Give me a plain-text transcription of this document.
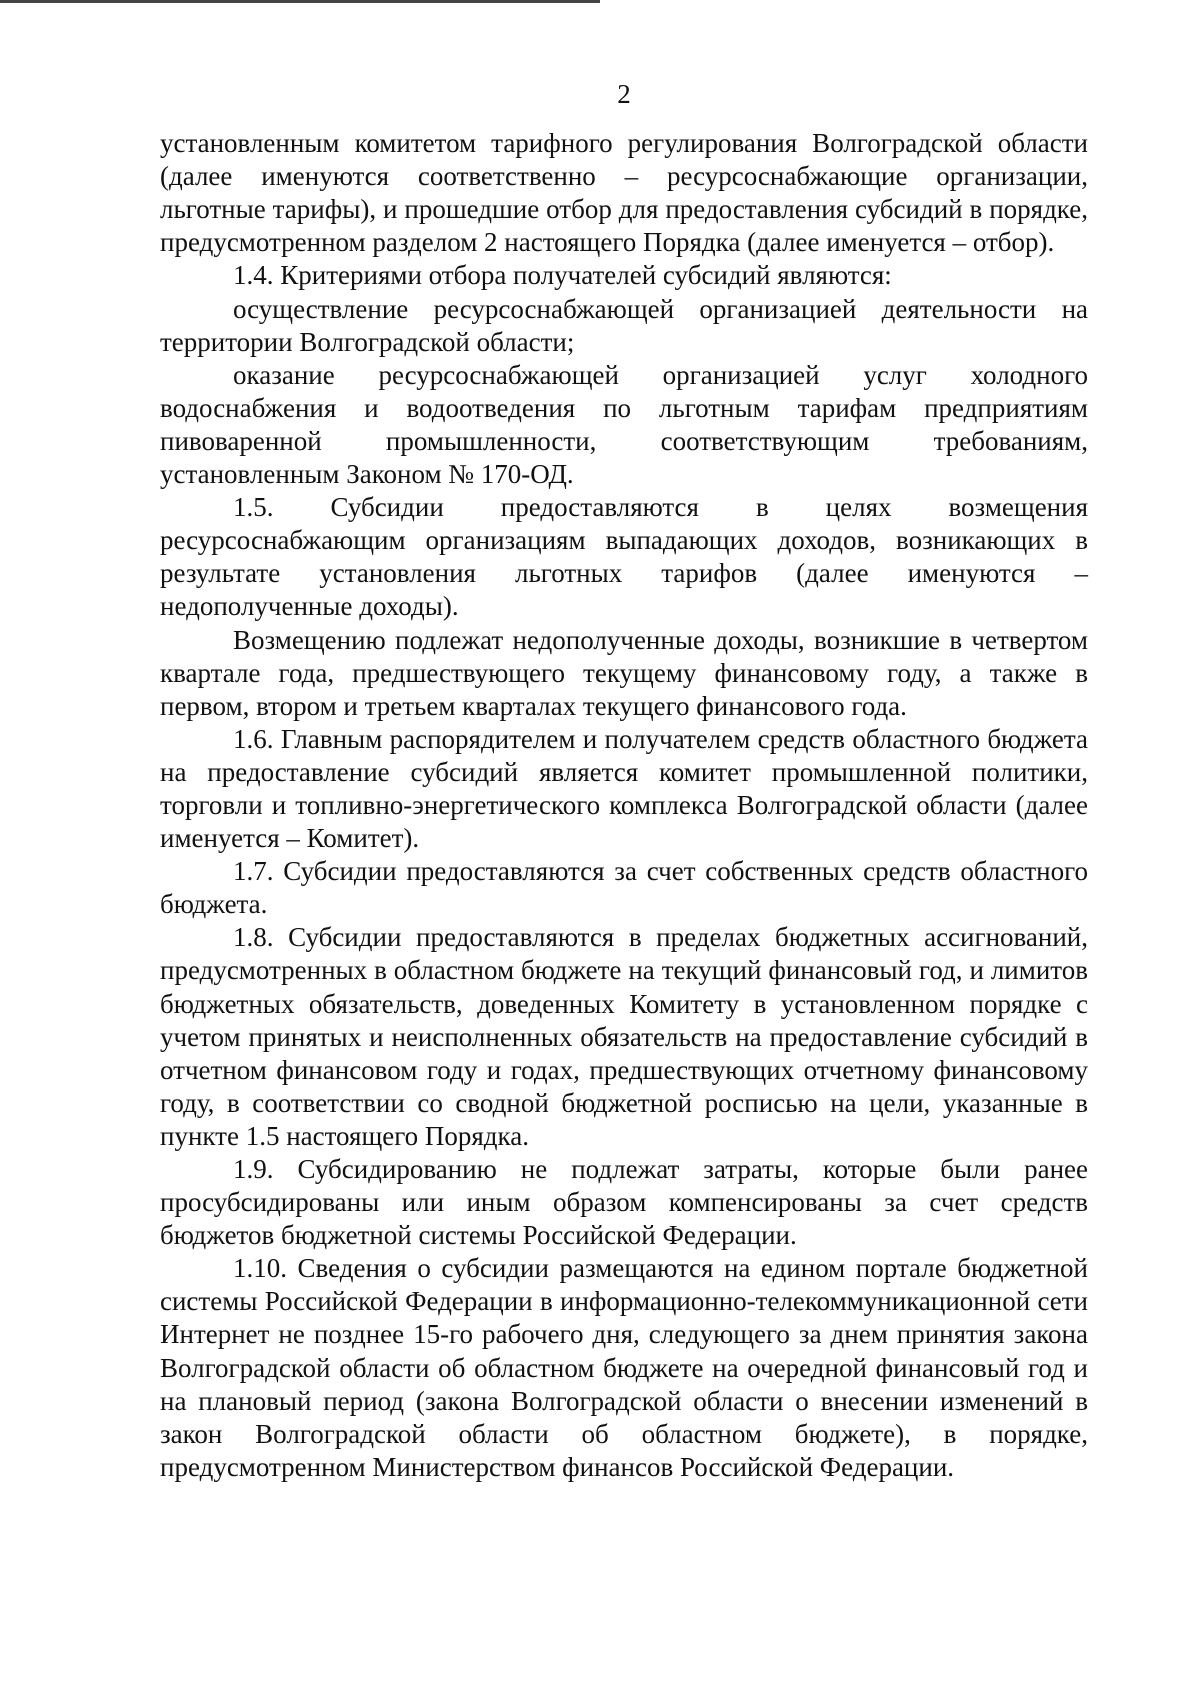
2

установленным комитетом тарифного регулирования Волгоградской области (далее именуются соответственно – ресурсоснабжающие организации, льготные тарифы), и прошедшие отбор для предоставления субсидий в порядке, предусмотренном разделом 2 настоящего Порядка (далее именуется – отбор).

1.4. Критериями отбора получателей субсидий являются:

осуществление ресурсоснабжающей организацией деятельности на территории Волгоградской области;

оказание ресурсоснабжающей организацией услуг холодного водоснабжения и водоотведения по льготным тарифам предприятиям пивоваренной промышленности, соответствующим требованиям, установленным Законом № 170-ОД.

1.5. Субсидии предоставляются в целях возмещения ресурсоснабжающим организациям выпадающих доходов, возникающих в результате установления льготных тарифов (далее именуются – недополученные доходы).

Возмещению подлежат недополученные доходы, возникшие в четвертом квартале года, предшествующего текущему финансовому году, а также в первом, втором и третьем кварталах текущего финансового года.

1.6. Главным распорядителем и получателем средств областного бюджета на предоставление субсидий является комитет промышленной политики, торговли и топливно-энергетического комплекса Волгоградской области (далее именуется – Комитет).

1.7. Субсидии предоставляются за счет собственных средств областного бюджета.

1.8. Субсидии предоставляются в пределах бюджетных ассигнований, предусмотренных в областном бюджете на текущий финансовый год, и лимитов бюджетных обязательств, доведенных Комитету в установленном порядке с учетом принятых и неисполненных обязательств на предоставление субсидий в отчетном финансовом году и годах, предшествующих отчетному финансовому году, в соответствии со сводной бюджетной росписью на цели, указанные в пункте 1.5 настоящего Порядка.

1.9. Субсидированию не подлежат затраты, которые были ранее просубсидированы или иным образом компенсированы за счет средств бюджетов бюджетной системы Российской Федерации.

1.10. Сведения о субсидии размещаются на едином портале бюджетной системы Российской Федерации в информационно-телекоммуникационной сети Интернет не позднее 15-го рабочего дня, следующего за днем принятия закона Волгоградской области об областном бюджете на очередной финансовый год и на плановый период (закона Волгоградской области о внесении изменений в закон Волгоградской области об областном бюджете), в порядке, предусмотренном Министерством финансов Российской Федерации.
